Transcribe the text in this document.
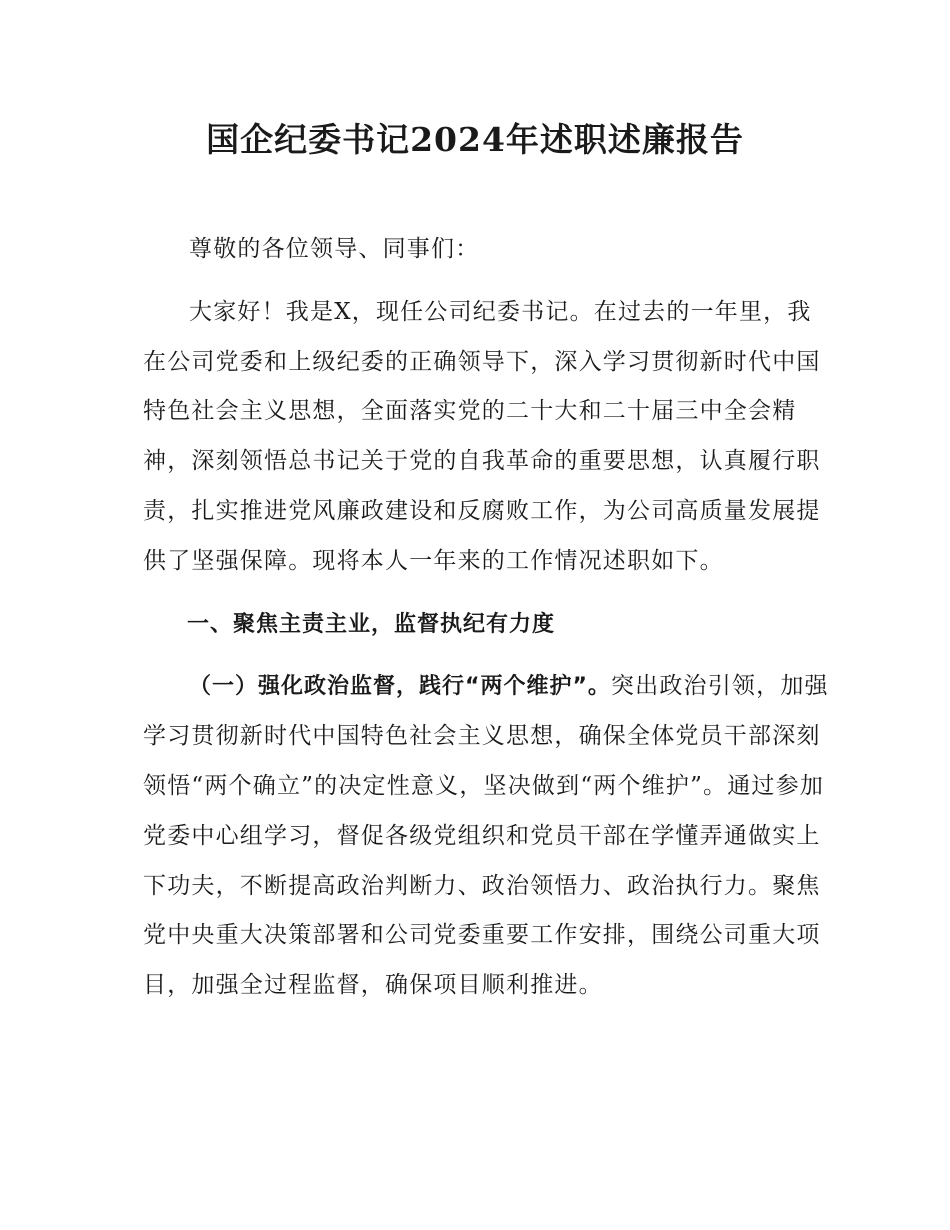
国企纪委书记2024年述职述廉报告

尊敬的各位领导、同事们：

大家好！我是X，现任公司纪委书记。在过去的一年里，我在公司党委和上级纪委的正确领导下，深入学习贯彻新时代中国特色社会主义思想，全面落实党的二十大和二十届三中全会精神，深刻领悟总书记关于党的自我革命的重要思想，认真履行职责，扎实推进党风廉政建设和反腐败工作，为公司高质量发展提供了坚强保障。现将本人一年来的工作情况述职如下。

一、聚焦主责主业，监督执纪有力度

（一）强化政治监督，践行“两个维护”。突出政治引领，加强学习贯彻新时代中国特色社会主义思想，确保全体党员干部深刻领悟“两个确立”的决定性意义，坚决做到“两个维护”。通过参加党委中心组学习，督促各级党组织和党员干部在学懂弄通做实上下功夫，不断提高政治判断力、政治领悟力、政治执行力。聚焦党中央重大决策部署和公司党委重要工作安排，围绕公司重大项目，加强全过程监督，确保项目顺利推进。
